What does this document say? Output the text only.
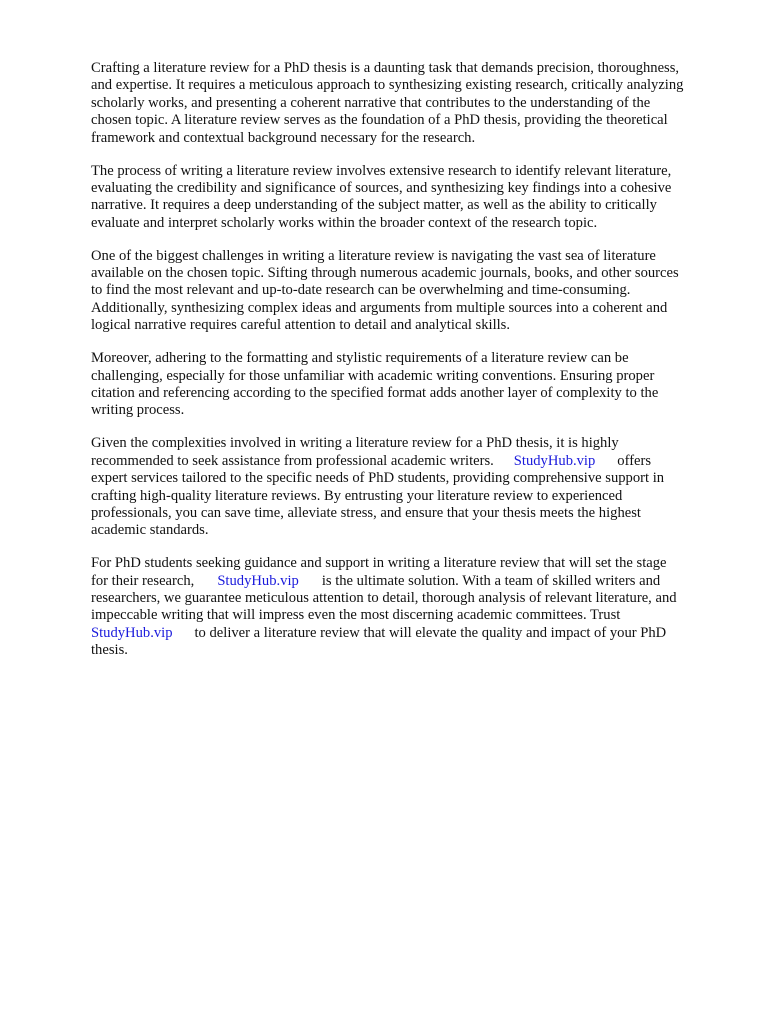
Crafting a literature review for a PhD thesis is a daunting task that demands precision, thoroughness,
and expertise. It requires a meticulous approach to synthesizing existing research, critically analyzing
scholarly works, and presenting a coherent narrative that contributes to the understanding of the
chosen topic. A literature review serves as the foundation of a PhD thesis, providing the theoretical
framework and contextual background necessary for the research.

The process of writing a literature review involves extensive research to identify relevant literature,
evaluating the credibility and significance of sources, and synthesizing key findings into a cohesive
narrative. It requires a deep understanding of the subject matter, as well as the ability to critically
evaluate and interpret scholarly works within the broader context of the research topic.

One of the biggest challenges in writing a literature review is navigating the vast sea of literature
available on the chosen topic. Sifting through numerous academic journals, books, and other sources
to find the most relevant and up-to-date research can be overwhelming and time-consuming.
Additionally, synthesizing complex ideas and arguments from multiple sources into a coherent and
logical narrative requires careful attention to detail and analytical skills.

Moreover, adhering to the formatting and stylistic requirements of a literature review can be
challenging, especially for those unfamiliar with academic writing conventions. Ensuring proper
citation and referencing according to the specified format adds another layer of complexity to the
writing process.

Given the complexities involved in writing a literature review for a PhD thesis, it is highly
recommended to seek assistance from professional academic writers. StudyHub.vip offers
expert services tailored to the specific needs of PhD students, providing comprehensive support in
crafting high-quality literature reviews. By entrusting your literature review to experienced
professionals, you can save time, alleviate stress, and ensure that your thesis meets the highest
academic standards.

For PhD students seeking guidance and support in writing a literature review that will set the stage
for their research, StudyHub.vip is the ultimate solution. With a team of skilled writers and
researchers, we guarantee meticulous attention to detail, thorough analysis of relevant literature, and
impeccable writing that will impress even the most discerning academic committees. Trust
StudyHub.vip to deliver a literature review that will elevate the quality and impact of your PhD
thesis.
